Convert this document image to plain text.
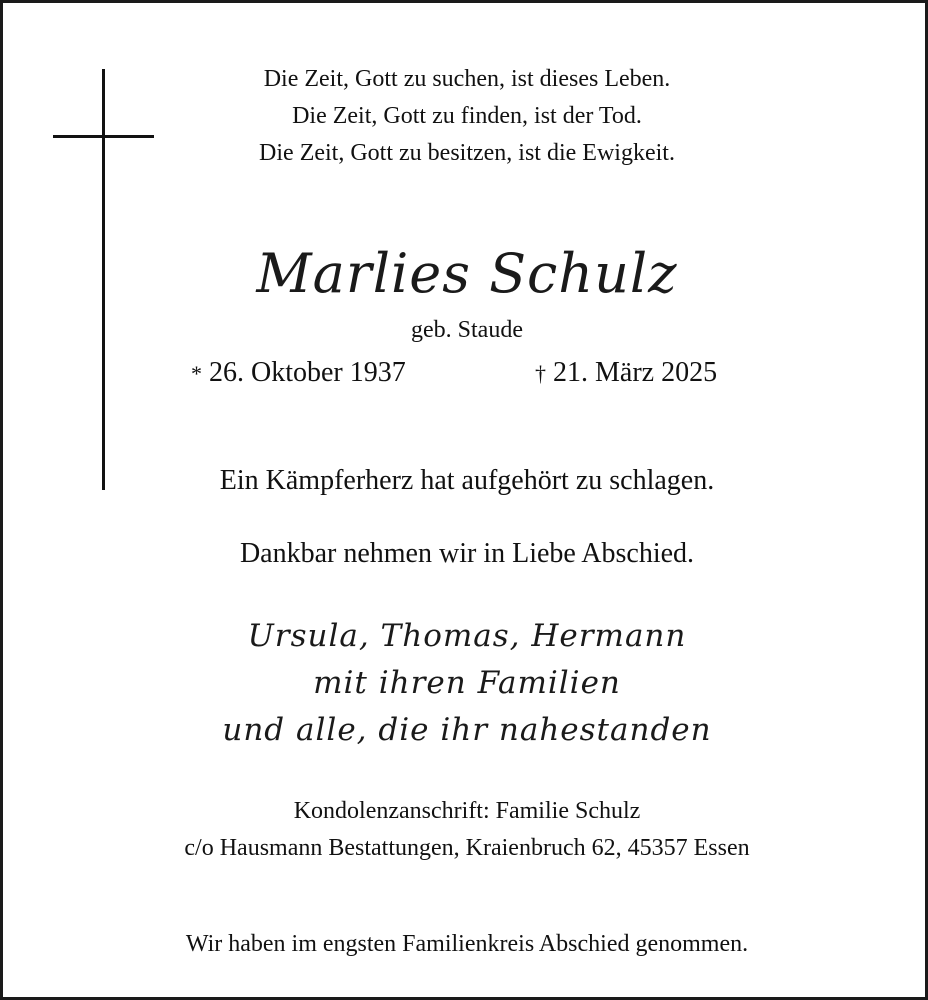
Die Zeit, Gott zu suchen, ist dieses Leben.

Die Zeit, Gott zu finden, ist der Tod.

Die Zeit, Gott zu besitzen, ist die Ewigkeit.

Marlies Schulz
geb. Staude
* 26. Oktober 1937	† 21. März 2025
Ein Kämpferherz hat aufgehört zu schlagen.
Dankbar nehmen wir in Liebe Abschied.

Ursula, Thomas, Hermann

mit ihren Familien

und alle, die ihr nahestanden

Kondolenzanschrift: Familie Schulz
c/o Hausmann Bestattungen, Kraienbruch 62, 45357 Essen
Wir haben im engsten Familienkreis Abschied genommen.
